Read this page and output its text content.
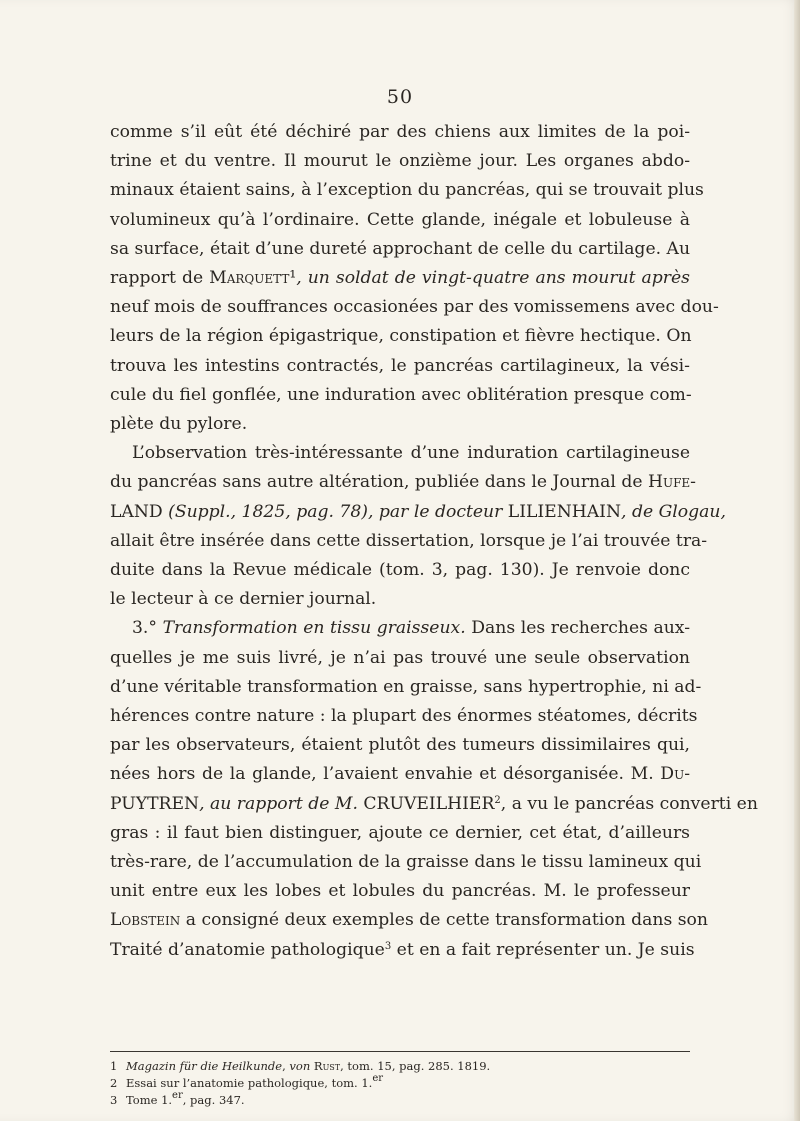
50
comme s’il eût été déchiré par des chiens aux limites de la poi-
trine et du ventre. Il mourut le onzième jour. Les organes abdo-
minaux étaient sains, à l’exception du pancréas, qui se trouvait plus
volumineux qu’à l’ordinaire. Cette glande, inégale et lobuleuse à
sa surface, était d’une dureté approchant de celle du cartilage. Au
rapport de Marquett¹, un soldat de vingt-quatre ans mourut après
neuf mois de souffrances occasionées par des vomissemens avec dou-
leurs de la région épigastrique, constipation et fièvre hectique. On
trouva les intestins contractés, le pancréas cartilagineux, la vési-
cule du fiel gonflée, une induration avec oblitération presque com-
plète du pylore.
L’observation très-intéressante d’une induration cartilagineuse
du pancréas sans autre altération, publiée dans le Journal de Hufe-
LAND (Suppl., 1825, pag. 78), par le docteur LILIENHAIN, de Glogau,
allait être insérée dans cette dissertation, lorsque je l’ai trouvée tra-
duite dans la Revue médicale (tom. 3, pag. 130). Je renvoie donc
le lecteur à ce dernier journal.
3.° Transformation en tissu graisseux. Dans les recherches aux-
quelles je me suis livré, je n’ai pas trouvé une seule observation
d’une véritable transformation en graisse, sans hypertrophie, ni ad-
hérences contre nature : la plupart des énormes stéatomes, décrits
par les observateurs, étaient plutôt des tumeurs dissimilaires qui,
nées hors de la glande, l’avaient envahie et désorganisée. M. Du-
PUYTREN, au rapport de M. CRUVEILHIER$^2$, a vu le pancréas converti en
gras : il faut bien distinguer, ajoute ce dernier, cet état, d’ailleurs
très-rare, de l’accumulation de la graisse dans le tissu lamineux qui
unit entre eux les lobes et lobules du pancréas. M. le professeur
Lobstein a consigné deux exemples de cette transformation dans son
Traité d’anatomie pathologique$^3$ et en a fait représenter un. Je suis
1 Magazin für die Heilkunde, von Rust, tom. 15, pag. 285. 1819.
2 Essai sur l’anatomie pathologique, tom. 1.$^{er}$
3 Tome 1.$^{er}$, pag. 347.
